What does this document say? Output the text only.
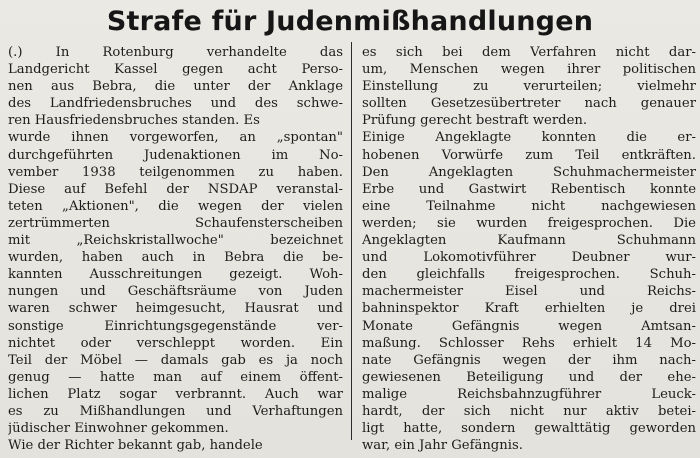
Strafe für Judenmißhandlungen
(.) In Rotenburg verhandelte das
Landgericht Kassel gegen acht Perso-
nen aus Bebra, die unter der Anklage
des Landfriedensbruches und des schwe-
ren Hausfriedensbruches standen. Es
wurde ihnen vorgeworfen, an „spontan"
durchgeführten Judenaktionen im No-
vember 1938 teilgenommen zu haben.
Diese auf Befehl der NSDAP veranstal-
teten „Aktionen", die wegen der vielen
zertrümmerten Schaufensterscheiben
mit „Reichskristallwoche" bezeichnet
wurden, haben auch in Bebra die be-
kannten Ausschreitungen gezeigt. Woh-
nungen und Geschäftsräume von Juden
waren schwer heimgesucht, Hausrat und
sonstige Einrichtungsgegenstände ver-
nichtet oder verschleppt worden. Ein
Teil der Möbel — damals gab es ja noch
genug — hatte man auf einem öffent-
lichen Platz sogar verbrannt. Auch war
es zu Mißhandlungen und Verhaftungen
jüdischer Einwohner gekommen.
Wie der Richter bekannt gab, handele
es sich bei dem Verfahren nicht dar-
um, Menschen wegen ihrer politischen
Einstellung zu verurteilen; vielmehr
sollten Gesetzesübertreter nach genauer
Prüfung gerecht bestraft werden.
Einige Angeklagte konnten die er-
hobenen Vorwürfe zum Teil entkräften.
Den Angeklagten Schuhmachermeister
Erbe und Gastwirt Rebentisch konnte
eine Teilnahme nicht nachgewiesen
werden; sie wurden freigesprochen. Die
Angeklagten Kaufmann Schuhmann
und Lokomotivführer Deubner wur-
den gleichfalls freigesprochen. Schuh-
machermeister Eisel und Reichs-
bahninspektor Kraft erhielten je drei
Monate Gefängnis wegen Amtsan-
maßung. Schlosser Rehs erhielt 14 Mo-
nate Gefängnis wegen der ihm nach-
gewiesenen Beteiligung und der ehe-
malige Reichsbahnzugführer Leuck-
hardt, der sich nicht nur aktiv betei-
ligt hatte, sondern gewalttätig geworden
war, ein Jahr Gefängnis.
